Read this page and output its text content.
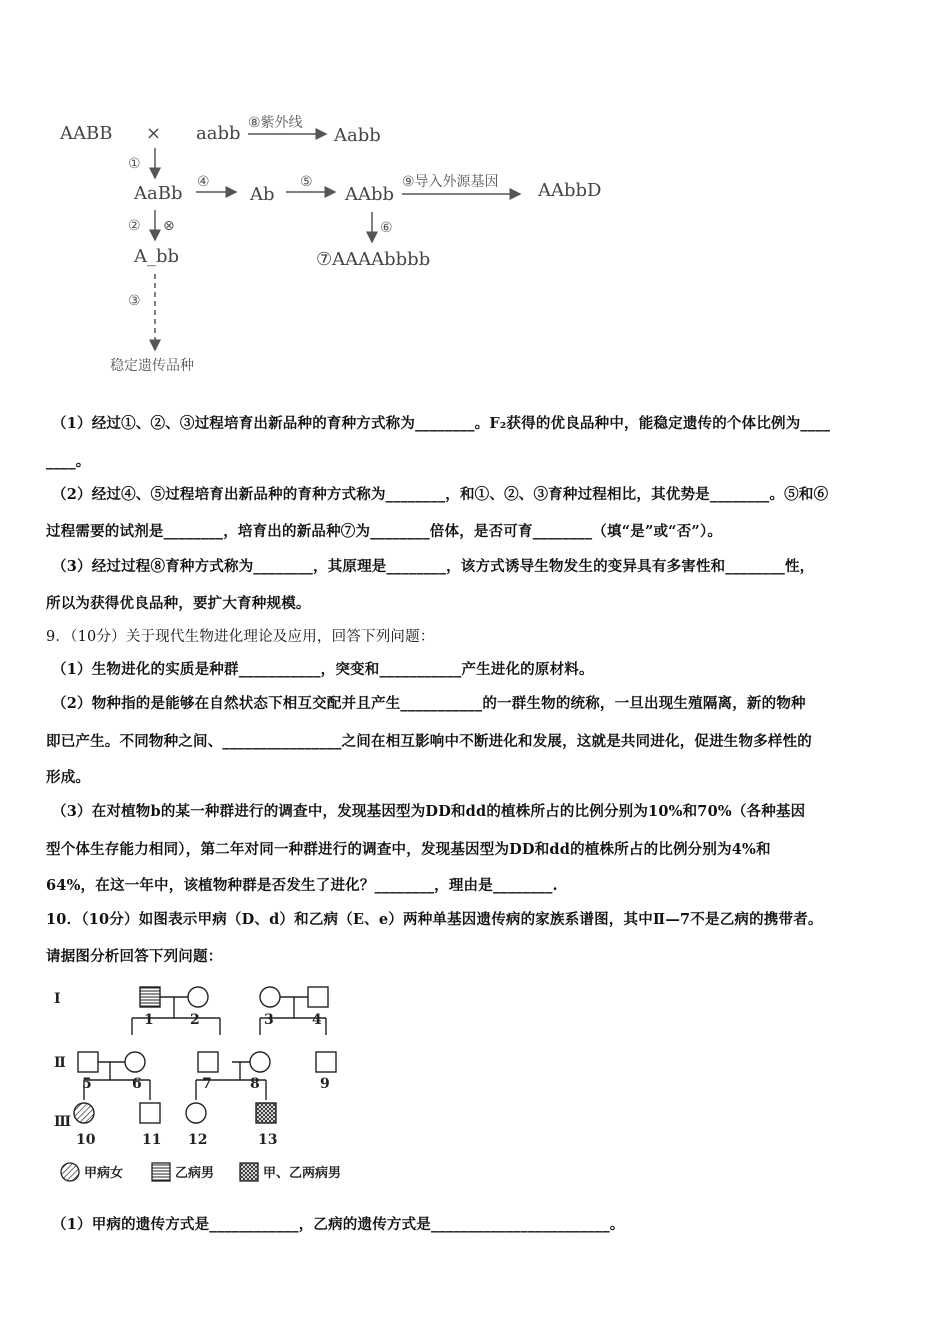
AABB × aabb ⑧紫外线
Aabb
①
AaBb
④
Ab
⑤
AAbb
⑨导入外源基因 AAbbD
② ⊗	⑥
A_bb	⑦AAAAbbbb
③
稳定遗传品种
（1）经过①、②、③过程培育出新品种的育种方式称为________。F₂获得的优良品种中，能稳定遗传的个体比例为____
____。
（2）经过④、⑤过程培育出新品种的育种方式称为________，和①、②、③育种过程相比，其优势是________。⑤和⑥
过程需要的试剂是________，培育出的新品种⑦为________倍体，是否可育________（填“是”或“否”）。
（3）经过过程⑧育种方式称为________，其原理是________，该方式诱导生物发生的变异具有多害性和________性，
所以为获得优良品种，要扩大育种规模。
9．（10分）关于现代生物进化理论及应用，回答下列问题：
（1）生物进化的实质是种群___________，突变和___________产生进化的原材料。
（2）物种指的是能够在自然状态下相互交配并且产生___________的一群生物的统称，一旦出现生殖隔离，新的物种
即已产生。不同物种之间、________________之间在相互影响中不断进化和发展，这就是共同进化，促进生物多样性的
形成。
（3）在对植物b的某一种群进行的调查中，发现基因型为DD和dd的植株所占的比例分别为10%和70%（各种基因
型个体生存能力相同），第二年对同一种群进行的调查中，发现基因型为DD和dd的植株所占的比例分别为4%和
64%，在这一年中，该植物种群是否发生了进化？________，理由是________.
10．（10分）如图表示甲病（D、d）和乙病（E、e）两种单基因遗传病的家族系谱图，其中Ⅱ—7不是乙病的携带者。
请据图分析回答下列问题：
Ⅰ
Ⅱ
Ⅲ
1	2	3	4
5	6	7	8	9
10	11 12	13
甲病女	乙病男	甲、乙两病男
（1）甲病的遗传方式是____________，乙病的遗传方式是________________________。
